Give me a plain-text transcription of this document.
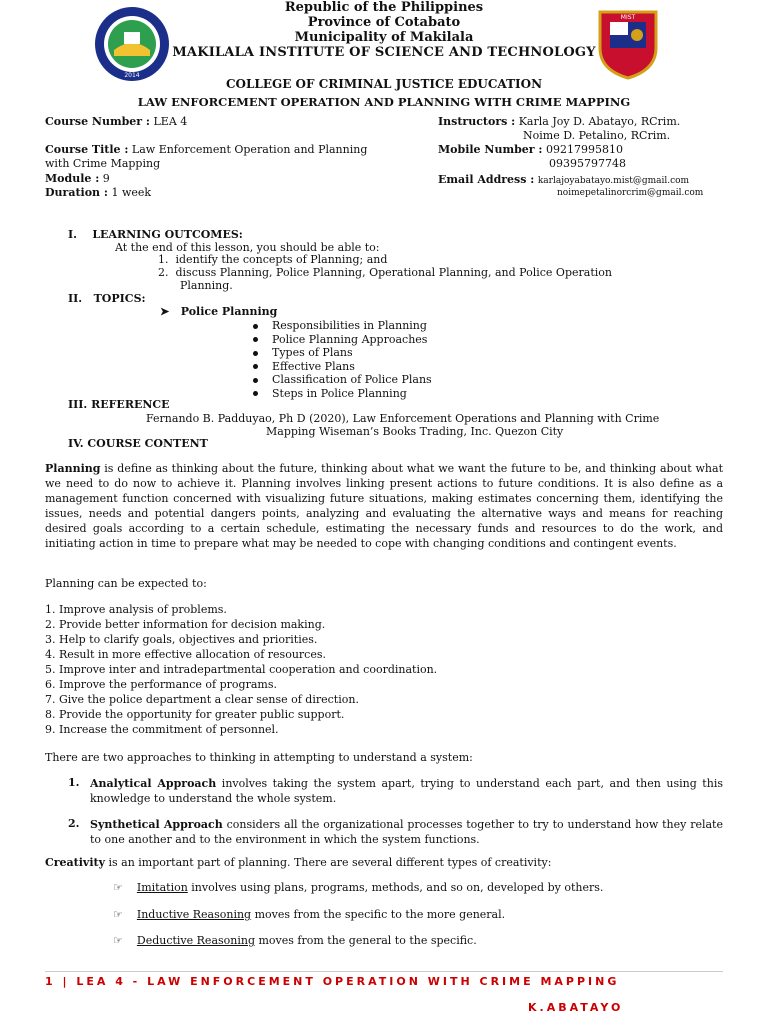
2014
MIST
Republic of the Philippines
Province of Cotabato
Municipality of Makilala
MAKILALA INSTITUTE OF SCIENCE AND TECHNOLOGY
COLLEGE OF CRIMINAL JUSTICE EDUCATION
LAW ENFORCEMENT OPERATION AND PLANNING WITH CRIME MAPPING
Course Number : LEA 4
Course Title : Law Enforcement Operation and Planning
with Crime Mapping
Module : 9
Duration : 1 week
Instructors : Karla Joy D. Abatayo, RCrim.
Noime D. Petalino, RCrim.
Mobile Number : 09217995810
09395797748
Email Address : karlajoyabatayo.mist@gmail.com
noimepetalinorcrim@gmail.com
I. LEARNING OUTCOMES:
At the end of this lesson, you should be able to:
1. identify the concepts of Planning; and
2. discuss Planning, Police Planning, Operational Planning, and Police Operation
Planning.
II. TOPICS:
➤ Police Planning
Responsibilities in Planning
Police Planning Approaches
Types of Plans
Effective Plans
Classification of Police Plans
Steps in Police Planning
III. REFERENCE
Fernando B. Padduyao, Ph D (2020), Law Enforcement Operations and Planning with Crime
Mapping Wiseman’s Books Trading, Inc. Quezon City
IV. COURSE CONTENT

Planning is define as thinking about the future, thinking about what we want the future to be, and thinking about what we need to do now to achieve it. Planning involves linking present actions to future conditions. It is also define as a management function concerned with visualizing future situations, making estimates concerning them, identifying the issues, needs and potential dangers points, analyzing and evaluating the alternative ways and means for reaching desired goals according to a certain schedule, estimating the necessary funds and resources to do the work, and initiating action in time to prepare what may be needed to cope with changing conditions and contingent events.

Planning can be expected to:
1. Improve analysis of problems.
2. Provide better information for decision making.
3. Help to clarify goals, objectives and priorities.
4. Result in more effective allocation of resources.
5. Improve inter and intradepartmental cooperation and coordination.
6. Improve the performance of programs.
7. Give the police department a clear sense of direction.
8. Provide the opportunity for greater public support.
9. Increase the commitment of personnel.
There are two approaches to thinking in attempting to understand a system:
1. Analytical Approach involves taking the system apart, trying to understand each part, and then using this knowledge to understand the whole system.

2. Synthetical Approach considers all the organizational processes together to try to understand how they relate to one another and to the environment in which the system functions.

Creativity is an important part of planning. There are several different types of creativity:
☞ Imitation involves using plans, programs, methods, and so on, developed by others.
☞ Inductive Reasoning moves from the specific to the more general.
☞ Deductive Reasoning moves from the general to the specific.
1 | LEA 4 - LAW ENFORCEMENT OPERATION WITH CRIME MAPPING
K.ABATAYO
